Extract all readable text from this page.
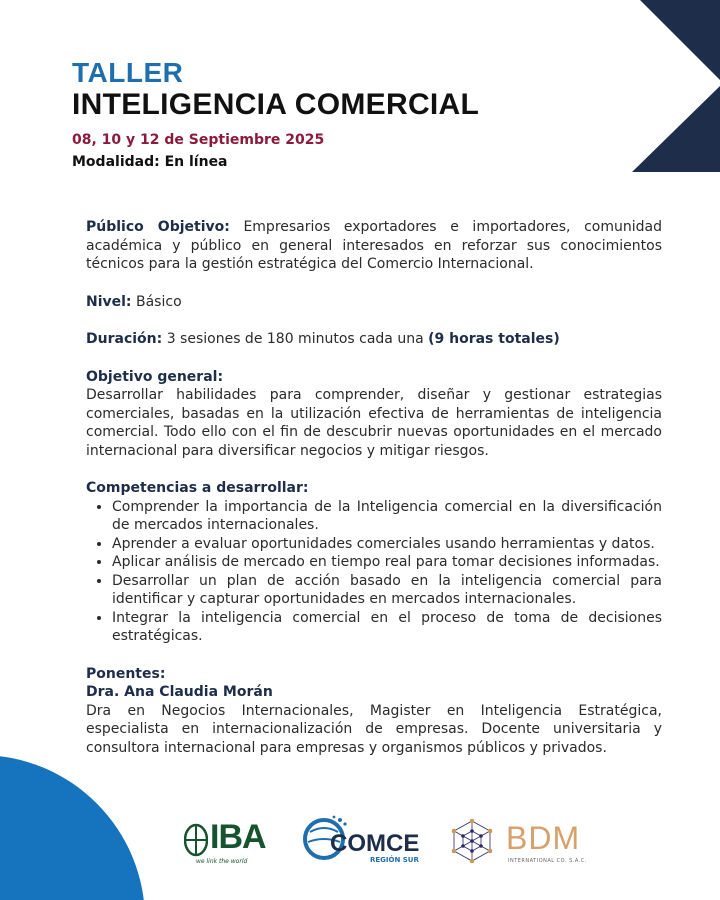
TALLER
INTELIGENCIA COMERCIAL
08, 10 y 12 de Septiembre 2025
Modalidad: En línea

Público Objetivo: Empresarios exportadores e importadores, comunidad académica y público en general interesados en reforzar sus conocimientos técnicos para la gestión estratégica del Comercio Internacional.

Nivel: Básico

Duración: 3 sesiones de 180 minutos cada una (9 horas totales)

Objetivo general:

Desarrollar habilidades para comprender, diseñar y gestionar estrategias comerciales, basadas en la utilización efectiva de herramientas de inteligencia comercial. Todo ello con el fin de descubrir nuevas oportunidades en el mercado internacional para diversificar negocios y mitigar riesgos.

Competencias a desarrollar:
• Comprender la importancia de la Inteligencia comercial en la diversificación de mercados internacionales.
• Aprender a evaluar oportunidades comerciales usando herramientas y datos.
• Aplicar análisis de mercado en tiempo real para tomar decisiones informadas.
• Desarrollar un plan de acción basado en la inteligencia comercial para identificar y capturar oportunidades en mercados internacionales.
• Integrar la inteligencia comercial en el proceso de toma de decisiones estratégicas.
Ponentes:
Dra. Ana Claudia Morán

Dra en Negocios Internacionales, Magister en Inteligencia Estratégica, especialista en internacionalización de empresas. Docente universitaria y consultora internacional para empresas y organismos públicos y privados.

IBA
we link the world
COMCE
REGIÓN SUR
BDM
INTERNATIONAL CO. S.A.C.
